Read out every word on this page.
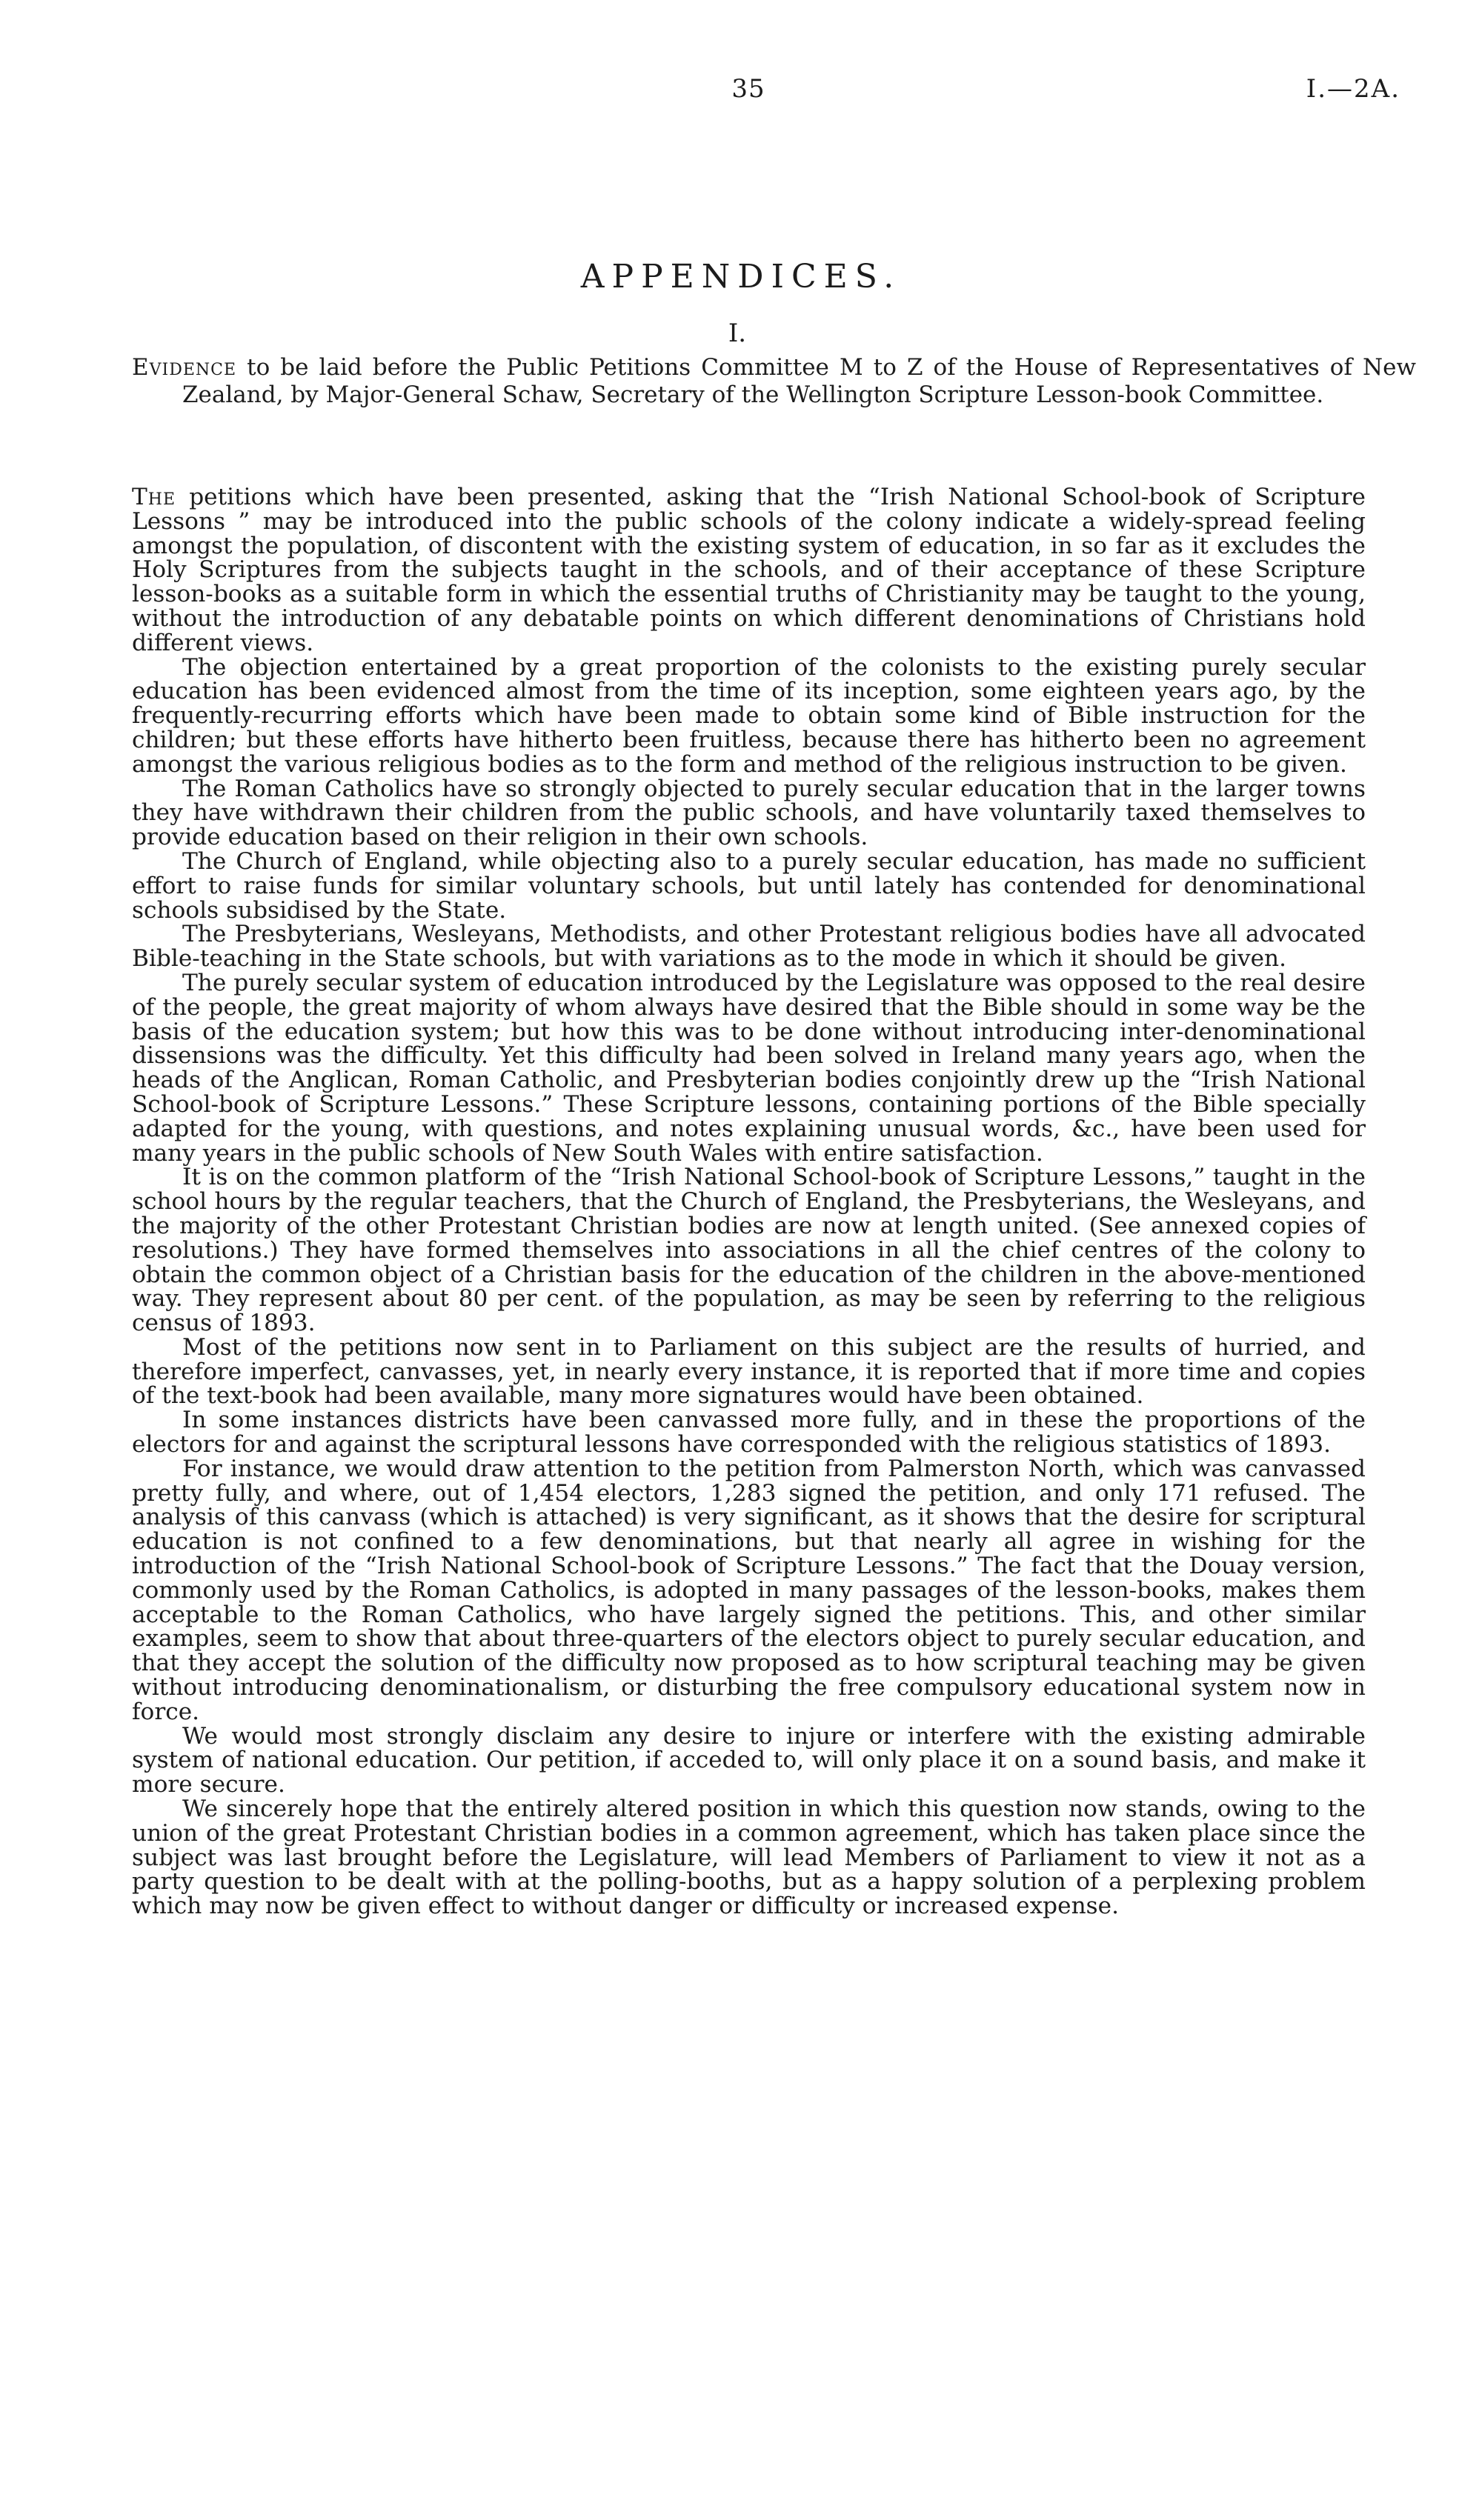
35	I.—2A.
APPENDICES.
I.
Evidence to be laid before the Public Petitions Committee M to Z of the House of Representatives of New Zealand, by Major-General Schaw, Secretary of the Wellington Scripture Lesson-book Committee.

The petitions which have been presented, asking that the “Irish National School-book of Scripture Lessons ” may be introduced into the public schools of the colony indicate a widely-spread feeling amongst the population, of discontent with the existing system of education, in so far as it excludes the Holy Scriptures from the subjects taught in the schools, and of their acceptance of these Scripture lesson-books as a suitable form in which the essential truths of Christianity may be taught to the young, without the introduction of any debatable points on which different denominations of Christians hold different views.

The objection entertained by a great proportion of the colonists to the existing purely secular education has been evidenced almost from the time of its inception, some eighteen years ago, by the frequently-recurring efforts which have been made to obtain some kind of Bible instruction for the children; but these efforts have hitherto been fruitless, because there has hitherto been no agreement amongst the various religious bodies as to the form and method of the religious instruction to be given.

The Roman Catholics have so strongly objected to purely secular education that in the larger towns they have withdrawn their children from the public schools, and have voluntarily taxed themselves to provide education based on their religion in their own schools.

The Church of England, while objecting also to a purely secular education, has made no sufficient effort to raise funds for similar voluntary schools, but until lately has contended for denominational schools subsidised by the State.

The Presbyterians, Wesleyans, Methodists, and other Protestant religious bodies have all advocated Bible-teaching in the State schools, but with variations as to the mode in which it should be given.

The purely secular system of education introduced by the Legislature was opposed to the real desire of the people, the great majority of whom always have desired that the Bible should in some way be the basis of the education system; but how this was to be done without introducing inter-denominational dissensions was the difficulty. Yet this difficulty had been solved in Ireland many years ago, when the heads of the Anglican, Roman Catholic, and Presbyterian bodies conjointly drew up the “Irish National School-book of Scripture Lessons.” These Scripture lessons, containing portions of the Bible specially adapted for the young, with questions, and notes explaining unusual words, &c., have been used for many years in the public schools of New South Wales with entire satisfaction.

It is on the common platform of the “Irish National School-book of Scripture Lessons,” taught in the school hours by the regular teachers, that the Church of England, the Presbyterians, the Wesleyans, and the majority of the other Protestant Christian bodies are now at length united. (See annexed copies of resolutions.) They have formed themselves into associations in all the chief centres of the colony to obtain the common object of a Christian basis for the education of the children in the above-mentioned way. They represent about 80 per cent. of the population, as may be seen by referring to the religious census of 1893.

Most of the petitions now sent in to Parliament on this subject are the results of hurried, and therefore imperfect, canvasses, yet, in nearly every instance, it is reported that if more time and copies of the text-book had been available, many more signatures would have been obtained.

In some instances districts have been canvassed more fully, and in these the proportions of the electors for and against the scriptural lessons have corresponded with the religious statistics of 1893.

For instance, we would draw attention to the petition from Palmerston North, which was canvassed pretty fully, and where, out of 1,454 electors, 1,283 signed the petition, and only 171 refused. The analysis of this canvass (which is attached) is very significant, as it shows that the desire for scriptural education is not confined to a few denominations, but that nearly all agree in wishing for the introduction of the “Irish National School-book of Scripture Lessons.” The fact that the Douay version, commonly used by the Roman Catholics, is adopted in many passages of the lesson-books, makes them acceptable to the Roman Catholics, who have largely signed the petitions. This, and other similar examples, seem to show that about three-quarters of the electors object to purely secular education, and that they accept the solution of the difficulty now proposed as to how scriptural teaching may be given without introducing denominationalism, or disturbing the free compulsory educational system now in force.

We would most strongly disclaim any desire to injure or interfere with the existing admirable system of national education. Our petition, if acceded to, will only place it on a sound basis, and make it more secure.

We sincerely hope that the entirely altered position in which this question now stands, owing to the union of the great Protestant Christian bodies in a common agreement, which has taken place since the subject was last brought before the Legislature, will lead Members of Parliament to view it not as a party question to be dealt with at the polling-booths, but as a happy solution of a perplexing problem which may now be given effect to without danger or difficulty or increased expense.
